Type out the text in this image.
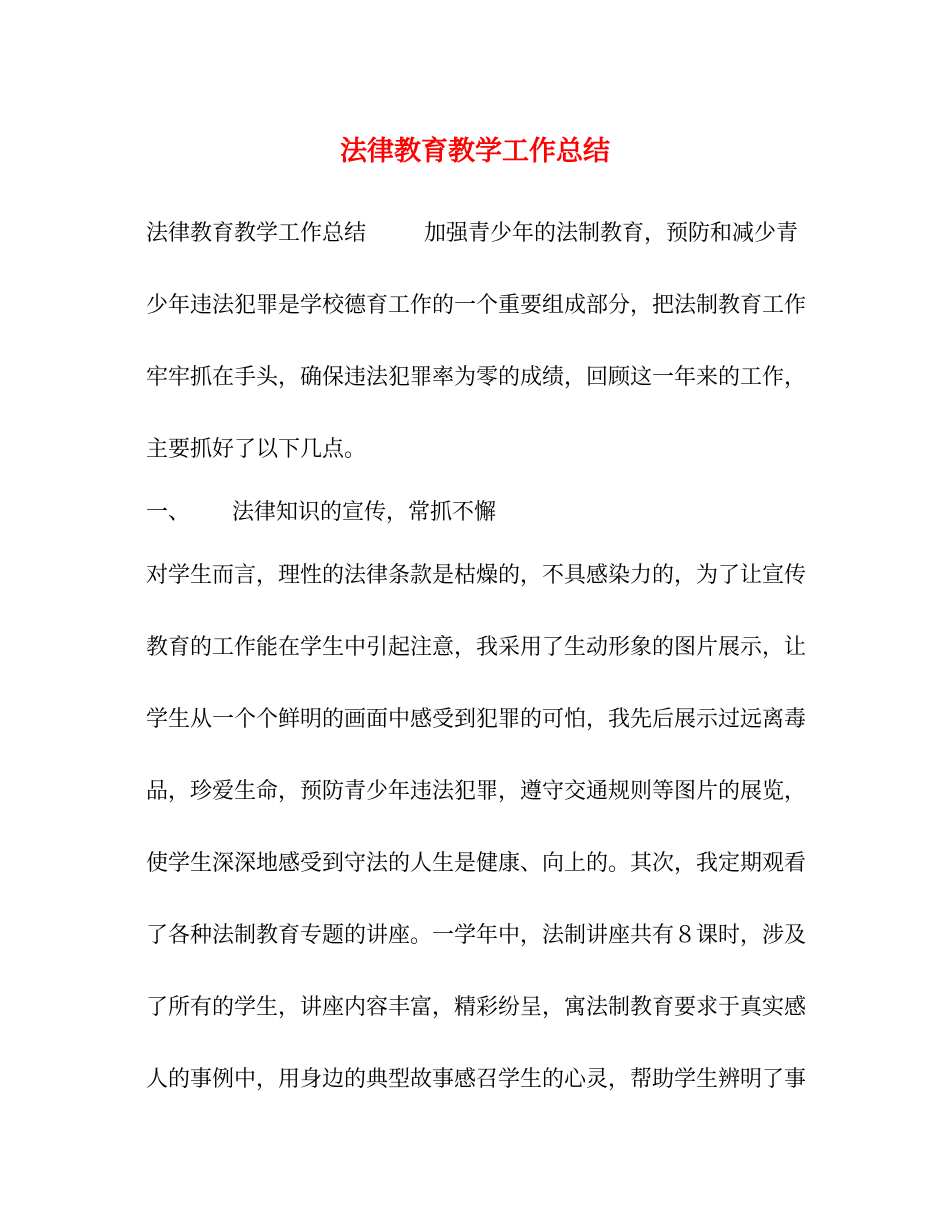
法律教育教学工作总结
法律教育教学工作总结	加强青少年的法制教育，预防和减少青
少年违法犯罪是学校德育工作的一个重要组成部分，把法制教育工作
牢牢抓在手头，确保违法犯罪率为零的成绩，回顾这一年来的工作，
主要抓好了以下几点。
一、 法律知识的宣传，常抓不懈
对学生而言，理性的法律条款是枯燥的，不具感染力的，为了让宣传
教育的工作能在学生中引起注意，我采用了生动形象的图片展示，让
学生从一个个鲜明的画面中感受到犯罪的可怕，我先后展示过远离毒
品，珍爱生命，预防青少年违法犯罪，遵守交通规则等图片的展览，
使学生深深地感受到守法的人生是健康、向上的。其次，我定期观看
了各种法制教育专题的讲座。一学年中，法制讲座共有８课时，涉及
了所有的学生，讲座内容丰富，精彩纷呈，寓法制教育要求于真实感
人的事例中，用身边的典型故事感召学生的心灵，帮助学生辨明了事
